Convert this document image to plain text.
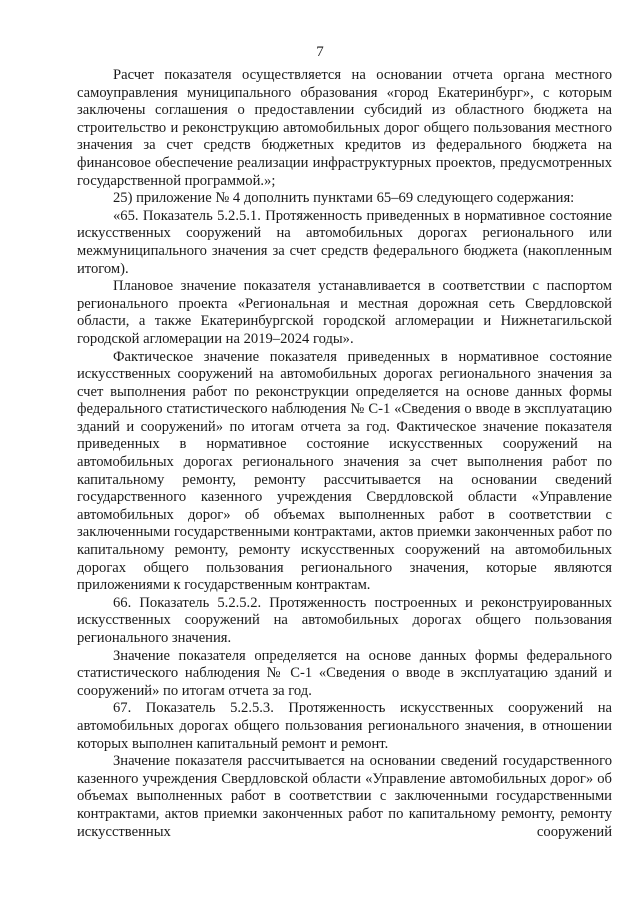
7

Расчет показателя осуществляется на основании отчета органа местного самоуправления муниципального образования «город Екатеринбург», с которым заключены соглашения о предоставлении субсидий из областного бюджета на строительство и реконструкцию автомобильных дорог общего пользования местного значения за счет средств бюджетных кредитов из федерального бюджета на финансовое обеспечение реализации инфраструктурных проектов, предусмотренных государственной программой.»;

25) приложение № 4 дополнить пунктами 65–69 следующего содержания:

«65. Показатель 5.2.5.1. Протяженность приведенных в нормативное состояние искусственных сооружений на автомобильных дорогах регионального или межмуниципального значения за счет средств федерального бюджета (накопленным итогом).

Плановое значение показателя устанавливается в соответствии с паспортом регионального проекта «Региональная и местная дорожная сеть Свердловской области, а также Екатеринбургской городской агломерации и Нижнетагильской городской агломерации на 2019–2024 годы».

Фактическое значение показателя приведенных в нормативное состояние искусственных сооружений на автомобильных дорогах регионального значения за счет выполнения работ по реконструкции определяется на основе данных формы федерального статистического наблюдения № С-1 «Сведения о вводе в эксплуатацию зданий и сооружений» по итогам отчета за год. Фактическое значение показателя приведенных в нормативное состояние искусственных сооружений на автомобильных дорогах регионального значения за счет выполнения работ по капитальному ремонту, ремонту рассчитывается на основании сведений государственного казенного учреждения Свердловской области «Управление автомобильных дорог» об объемах выполненных работ в соответствии с заключенными государственными контрактами, актов приемки законченных работ по капитальному ремонту, ремонту искусственных сооружений на автомобильных дорогах общего пользования регионального значения, которые являются приложениями к государственным контрактам.

66. Показатель 5.2.5.2. Протяженность построенных и реконструированных искусственных сооружений на автомобильных дорогах общего пользования регионального значения.

Значение показателя определяется на основе данных формы федерального статистического наблюдения № С-1 «Сведения о вводе в эксплуатацию зданий и сооружений» по итогам отчета за год.

67. Показатель 5.2.5.3. Протяженность искусственных сооружений на автомобильных дорогах общего пользования регионального значения, в отношении которых выполнен капитальный ремонт и ремонт.

Значение показателя рассчитывается на основании сведений государственного казенного учреждения Свердловской области «Управление автомобильных дорог» об объемах выполненных работ в соответствии с заключенными государственными контрактами, актов приемки законченных работ по капитальному ремонту, ремонту искусственных сооружений
